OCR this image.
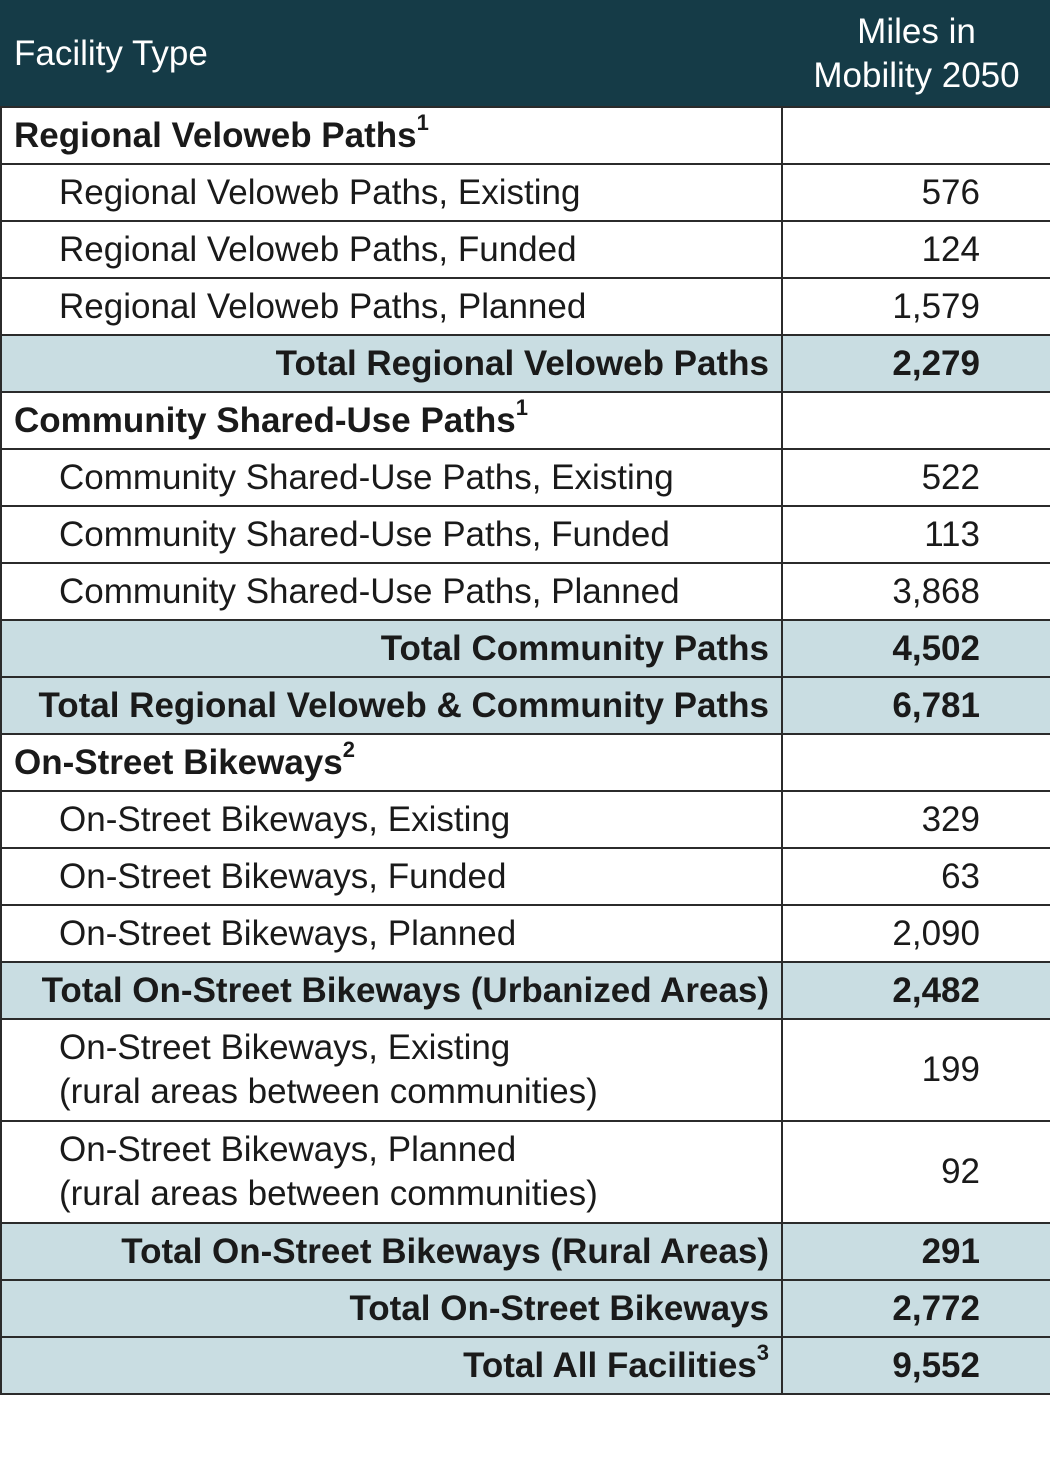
Facility Type	Miles in
Mobility 2050

Regional Veloweb Paths$^1$	
Regional Veloweb Paths, Existing	576
Regional Veloweb Paths, Funded	124
Regional Veloweb Paths, Planned	1,579
Total Regional Veloweb Paths	2,279
Community Shared-Use Paths$^1$	
Community Shared-Use Paths, Existing	522
Community Shared-Use Paths, Funded	113
Community Shared-Use Paths, Planned	3,868
Total Community Paths	4,502
Total Regional Veloweb & Community Paths	6,781
On-Street Bikeways$^2$	
On-Street Bikeways, Existing	329
On-Street Bikeways, Funded	63
On-Street Bikeways, Planned	2,090
Total On-Street Bikeways (Urbanized Areas)	2,482

On-Street Bikeways, Existing
(rural areas between communities)	199

On-Street Bikeways, Planned
(rural areas between communities)	92
Total On-Street Bikeways (Rural Areas)	291
Total On-Street Bikeways	2,772
Total All Facilities$^3$	9,552
